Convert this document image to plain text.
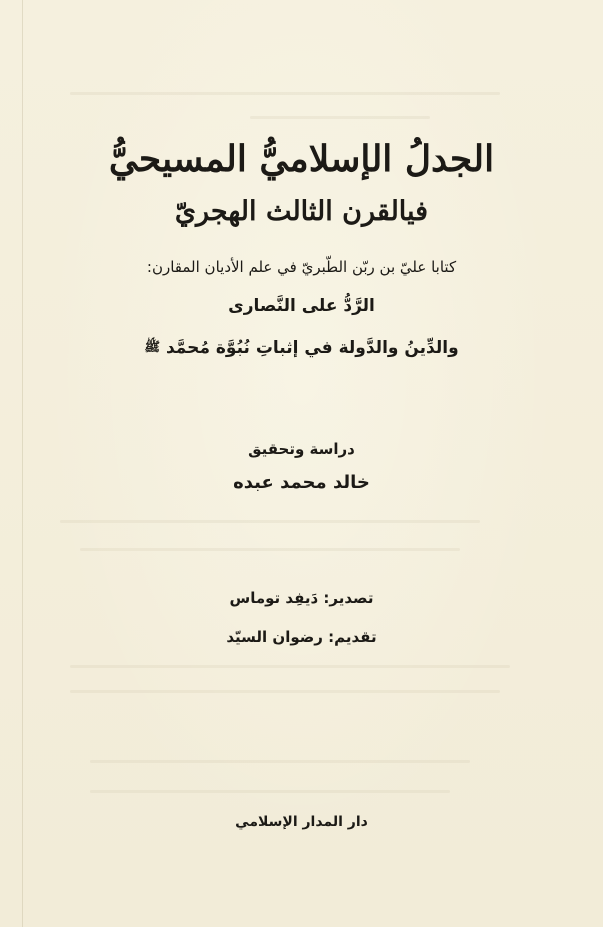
الجدلُ الإسلاميُّ المسيحيُّ
فيالقرن الثالث الهجريّ
كتابا عليّ بن ربّن الطّبريّ في علم الأديان المقارن:
الرَّدُّ على النَّصارى
والدِّينُ والدَّولة في إثباتِ نُبُوَّة مُحمَّد ﷺ
دراسة وتحقيق
خالد محمد عبده
تصدير: دَيفِد توماس
تقديم: رضوان السيّد
دار المدار الإسلامي
